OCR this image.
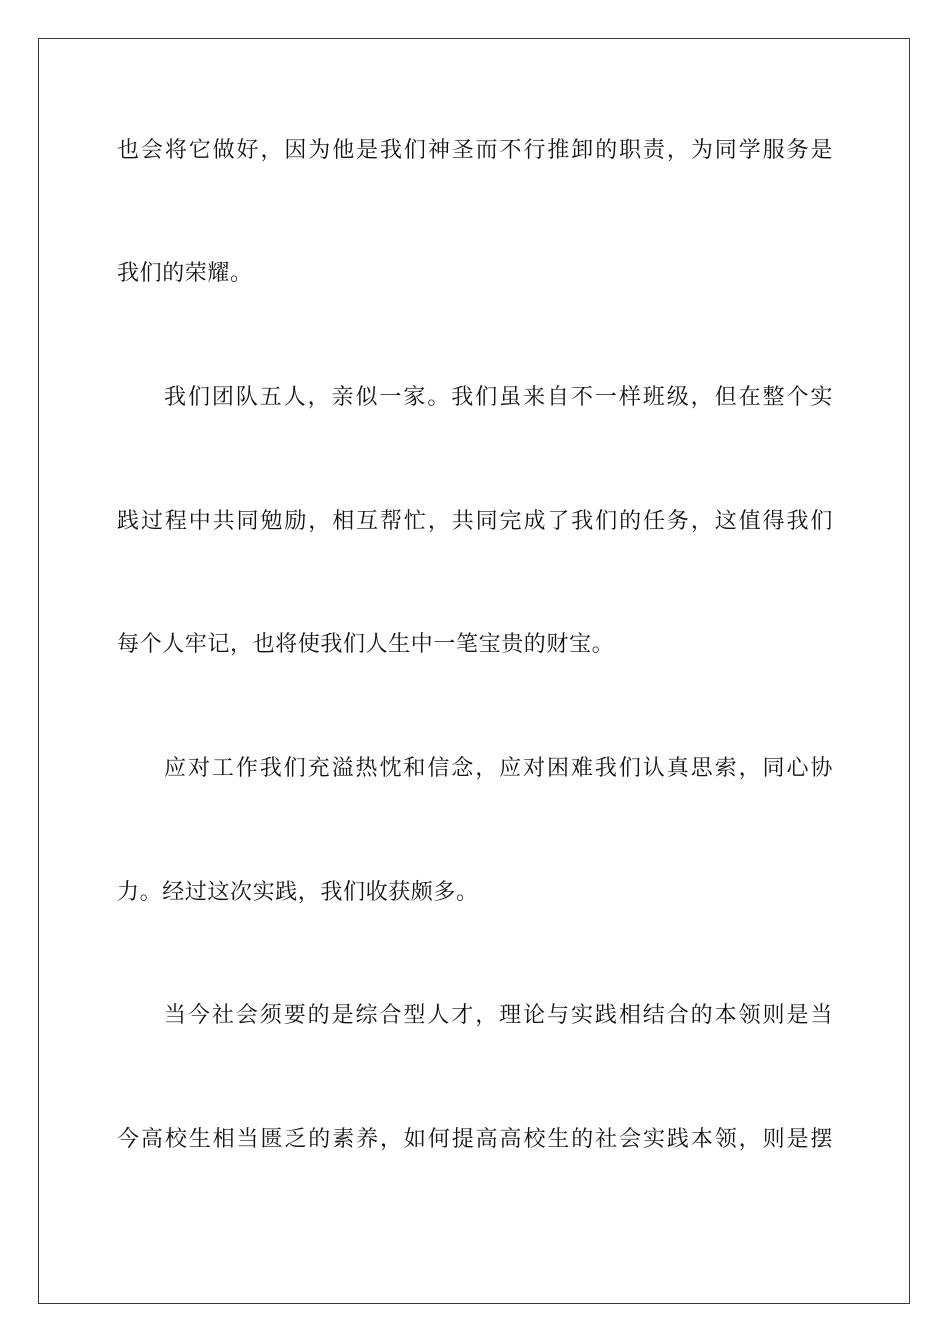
也会将它做好，因为他是我们神圣而不行推卸的职责，为同学服务是
我们的荣耀。
我们团队五人，亲似一家。我们虽来自不一样班级，但在整个实
践过程中共同勉励，相互帮忙，共同完成了我们的任务，这值得我们
每个人牢记，也将使我们人生中一笔宝贵的财宝。
应对工作我们充溢热忱和信念，应对困难我们认真思索，同心协
力。经过这次实践，我们收获颇多。
当今社会须要的是综合型人才，理论与实践相结合的本领则是当
今高校生相当匮乏的素养，如何提高高校生的社会实践本领，则是摆
